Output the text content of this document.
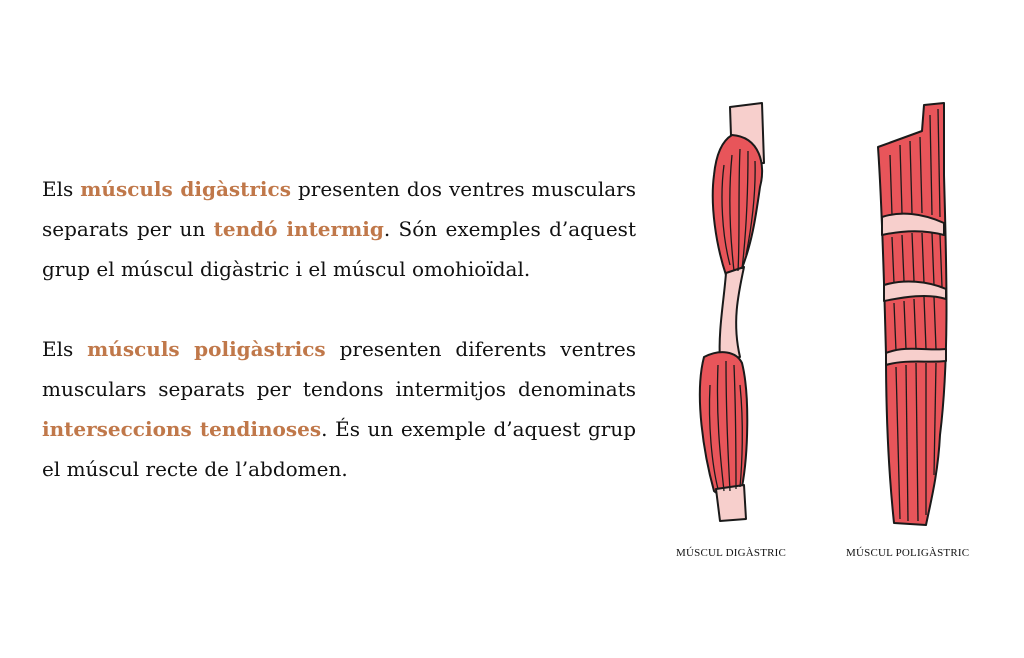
Els músculs digàstrics presenten dos ventres musculars separats per un tendó intermig. Són exemples d’aquest grup el múscul digàstric i el múscul omohioïdal.

Els músculs poligàstrics presenten diferents ventres musculars separats per tendons intermitjos denominats interseccions tendinoses. És un exemple d’aquest grup el múscul recte de l’abdomen.

MÚSCUL DIGÀSTRIC	MÚSCUL POLIGÀSTRIC
